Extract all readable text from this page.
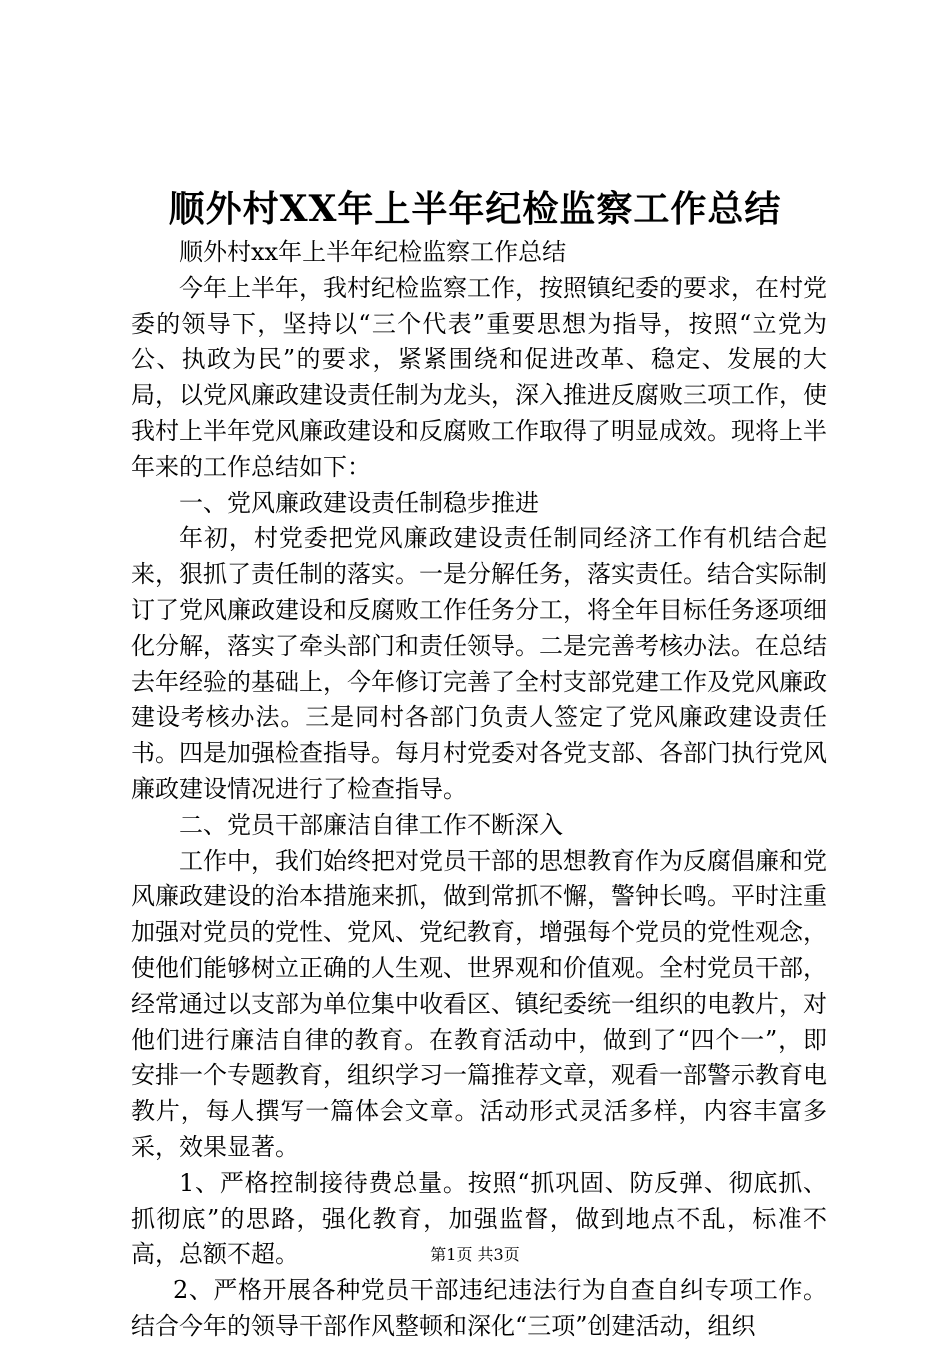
顺外村XX年上半年纪检监察工作总结

顺外村xx年上半年纪检监察工作总结

今年上半年，我村纪检监察工作，按照镇纪委的要求，在村党委的领导下，坚持以“三个代表”重要思想为指导，按照“立党为公、执政为民”的要求，紧紧围绕和促进改革、稳定、发展的大局，以党风廉政建设责任制为龙头，深入推进反腐败三项工作，使我村上半年党风廉政建设和反腐败工作取得了明显成效。现将上半年来的工作总结如下：

一、党风廉政建设责任制稳步推进

年初，村党委把党风廉政建设责任制同经济工作有机结合起来，狠抓了责任制的落实。一是分解任务，落实责任。结合实际制订了党风廉政建设和反腐败工作任务分工，将全年目标任务逐项细化分解，落实了牵头部门和责任领导。二是完善考核办法。在总结去年经验的基础上，今年修订完善了全村支部党建工作及党风廉政建设考核办法。三是同村各部门负责人签定了党风廉政建设责任书。四是加强检查指导。每月村党委对各党支部、各部门执行党风廉政建设情况进行了检查指导。

二、党员干部廉洁自律工作不断深入

工作中，我们始终把对党员干部的思想教育作为反腐倡廉和党风廉政建设的治本措施来抓，做到常抓不懈，警钟长鸣。平时注重加强对党员的党性、党风、党纪教育，增强每个党员的党性观念，使他们能够树立正确的人生观、世界观和价值观。全村党员干部，经常通过以支部为单位集中收看区、镇纪委统一组织的电教片，对他们进行廉洁自律的教育。在教育活动中，做到了“四个一”，即安排一个专题教育，组织学习一篇推荐文章，观看一部警示教育电教片，每人撰写一篇体会文章。活动形式灵活多样，内容丰富多采，效果显著。

1、严格控制接待费总量。按照“抓巩固、防反弹、彻底抓、抓彻底”的思路，强化教育，加强监督，做到地点不乱，标准不高，总额不超。

2、严格开展各种党员干部违纪违法行为自查自纠专项工作。结合今年的领导干部作风整顿和深化“三项”创建活动，组织

第1页 共3页
